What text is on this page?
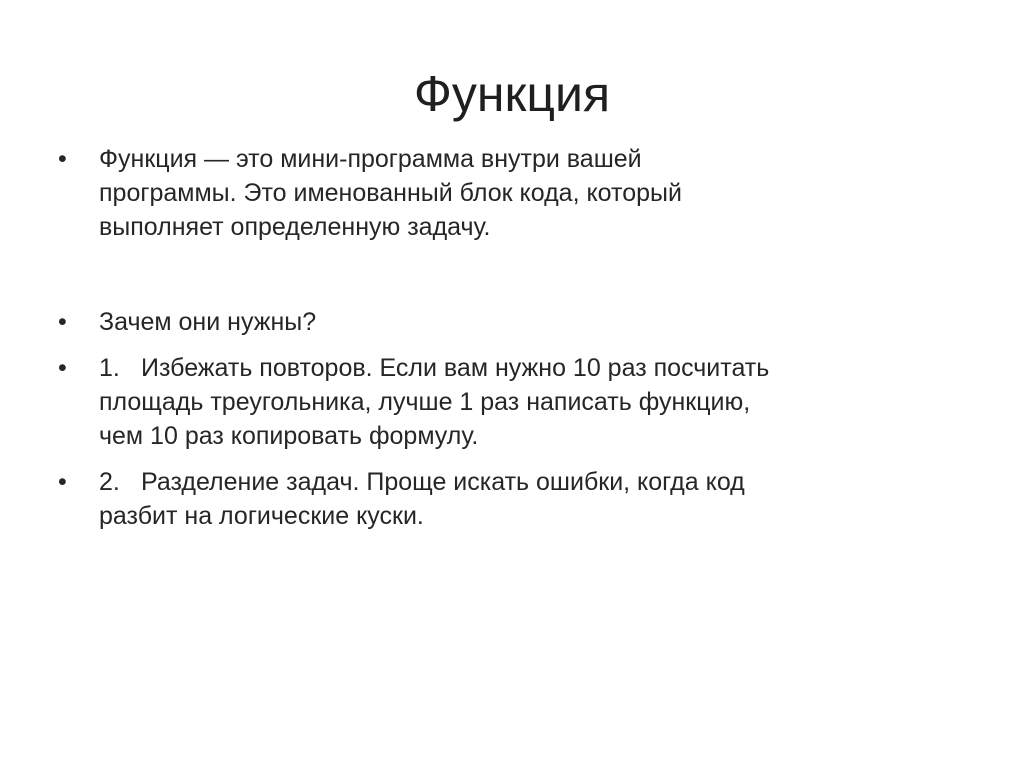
Функция
•	Функция — это мини-программа внутри вашей
программы. Это именованный блок кода, который
выполняет определенную задачу.
•	Зачем они нужны?
•	1. Избежать повторов. Если вам нужно 10 раз посчитать
площадь треугольника, лучше 1 раз написать функцию,
чем 10 раз копировать формулу.
•	2. Разделение задач. Проще искать ошибки, когда код
разбит на логические куски.
